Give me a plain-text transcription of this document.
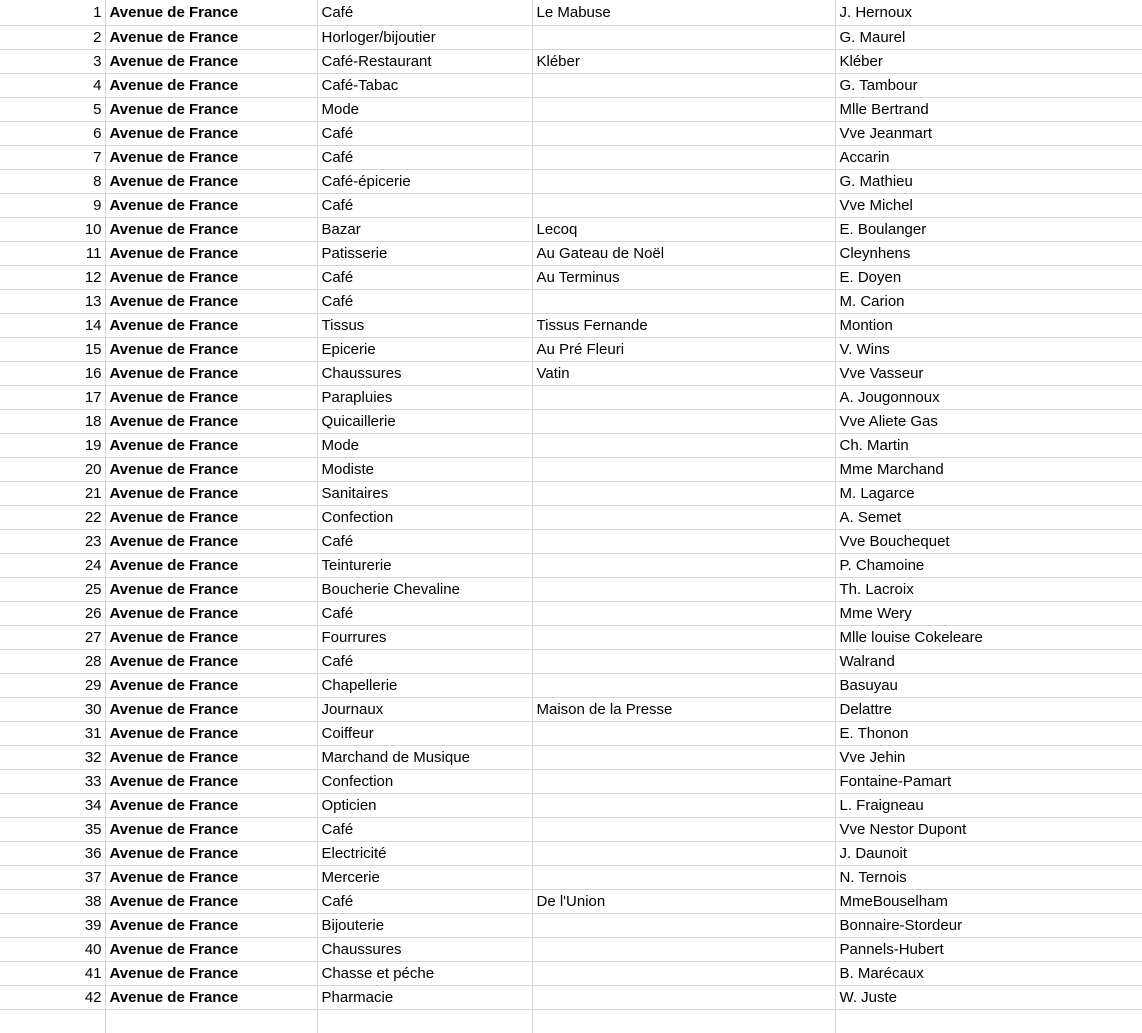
1	Avenue de France	Café	Le Mabuse	J. Hernoux
2	Avenue de France	Horloger/bijoutier		G. Maurel
3	Avenue de France	Café-Restaurant	Kléber	Kléber
4	Avenue de France	Café-Tabac		G. Tambour
5	Avenue de France	Mode		Mlle Bertrand
6	Avenue de France	Café		Vve Jeanmart
7	Avenue de France	Café		Accarin
8	Avenue de France	Café-épicerie		G. Mathieu
9	Avenue de France	Café		Vve Michel
10	Avenue de France	Bazar	Lecoq	E. Boulanger
11	Avenue de France	Patisserie	Au Gateau de Noël	Cleynhens
12	Avenue de France	Café	Au Terminus	E. Doyen
13	Avenue de France	Café		M. Carion
14	Avenue de France	Tissus	Tissus Fernande	Montion
15	Avenue de France	Epicerie	Au Pré Fleuri	V. Wins
16	Avenue de France	Chaussures	Vatin	Vve Vasseur
17	Avenue de France	Parapluies		A. Jougonnoux
18	Avenue de France	Quicaillerie		Vve Aliete Gas
19	Avenue de France	Mode		Ch. Martin
20	Avenue de France	Modiste		Mme Marchand
21	Avenue de France	Sanitaires		M. Lagarce
22	Avenue de France	Confection		A. Semet
23	Avenue de France	Café		Vve Bouchequet
24	Avenue de France	Teinturerie		P. Chamoine
25	Avenue de France	Boucherie Chevaline		Th. Lacroix
26	Avenue de France	Café		Mme Wery
27	Avenue de France	Fourrures		Mlle louise Cokeleare
28	Avenue de France	Café		Walrand
29	Avenue de France	Chapellerie		Basuyau
30	Avenue de France	Journaux	Maison de la Presse	Delattre
31	Avenue de France	Coiffeur		E. Thonon
32	Avenue de France	Marchand de Musique		Vve Jehin
33	Avenue de France	Confection		Fontaine-Pamart
34	Avenue de France	Opticien		L. Fraigneau
35	Avenue de France	Café		Vve Nestor Dupont
36	Avenue de France	Electricité		J. Daunoit
37	Avenue de France	Mercerie		N. Ternois
38	Avenue de France	Café	De l'Union	MmeBouselham
39	Avenue de France	Bijouterie		Bonnaire-Stordeur
40	Avenue de France	Chaussures		Pannels-Hubert
41	Avenue de France	Chasse et péche		B. Marécaux
42	Avenue de France	Pharmacie		W. Juste
